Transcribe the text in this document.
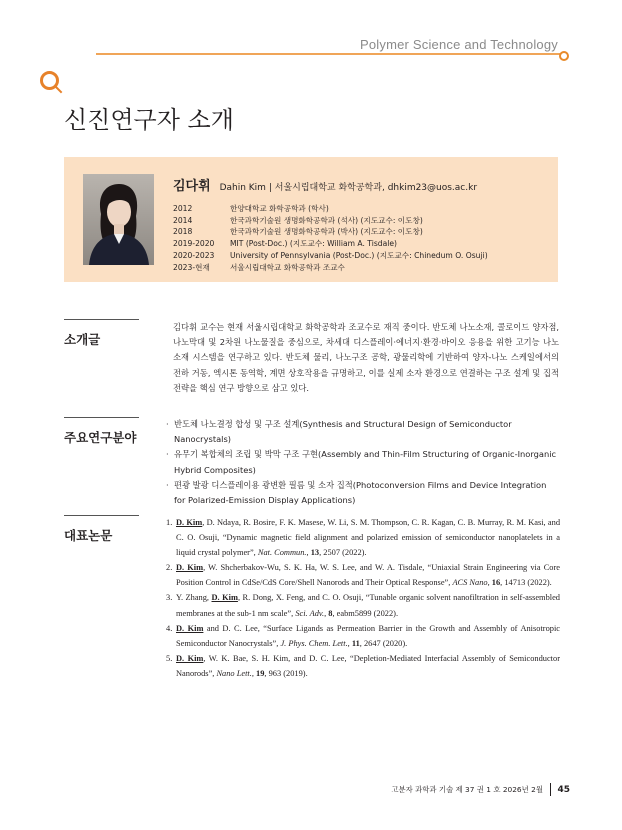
Polymer Science and Technology
신진연구자 소개
김다휘 Dahin Kim | 서울시립대학교 화학공학과, dhkim23@uos.ac.kr
2012	한양대학교 화학공학과 (학사)
2014	한국과학기술원 생명화학공학과 (석사) (지도교수: 이도창)
2018	한국과학기술원 생명화학공학과 (박사) (지도교수: 이도창)
2019-2020	MIT (Post-Doc.) (지도교수: William A. Tisdale)
2020-2023	University of Pennsylvania (Post-Doc.) (지도교수: Chinedum O. Osuji)
2023-현재	서울시립대학교 화학공학과 조교수
소개글
김다휘 교수는 현재 서울시립대학교 화학공학과 조교수로 재직 중이다. 반도체 나노소재, 콜로이드 양자점, 나노막대 및 2차원 나노물질을 중심으로, 차세대 디스플레이·에너지·환경·바이오 응용을 위한 고기능 나노소재 시스템을 연구하고 있다. 반도체 물리, 나노구조 공학, 광물리학에 기반하여 양자-나노 스케일에서의 전하 거동, 엑시톤 동역학, 계면 상호작용을 규명하고, 이를 실제 소자 환경으로 연결하는 구조 설계 및 집적 전략을 핵심 연구 방향으로 삼고 있다.
주요연구분야
· 반도체 나노결정 합성 및 구조 설계(Synthesis and Structural Design of Semiconductor Nanocrystals)
· 유무기 복합체의 조립 및 박막 구조 구현(Assembly and Thin-Film Structuring of Organic-Inorganic Hybrid Composites)
· 편광 발광 디스플레이용 광변환 필름 및 소자 집적(Photoconversion Films and Device Integration for Polarized-Emission Display Applications)
대표논문
1. D. Kim, D. Ndaya, R. Bosire, F. K. Masese, W. Li, S. M. Thompson, C. R. Kagan, C. B. Murray, R. M. Kasi, and C. O. Osuji, “Dynamic magnetic field alignment and polarized emission of semiconductor nanoplatelets in a liquid crystal polymer”, Nat. Commun., 13, 2507 (2022).
2. D. Kim, W. Shcherbakov-Wu, S. K. Ha, W. S. Lee, and W. A. Tisdale, “Uniaxial Strain Engineering via Core Position Control in CdSe/CdS Core/Shell Nanorods and Their Optical Response”, ACS Nano, 16, 14713 (2022).
3. Y. Zhang, D. Kim, R. Dong, X. Feng, and C. O. Osuji, “Tunable organic solvent nanofiltration in self-assembled membranes at the sub-1 nm scale”, Sci. Adv., 8, eabm5899 (2022).
4. D. Kim and D. C. Lee, “Surface Ligands as Permeation Barrier in the Growth and Assembly of Anisotropic Semiconductor Nanocrystals”, J. Phys. Chem. Lett., 11, 2647 (2020).
5. D. Kim, W. K. Bae, S. H. Kim, and D. C. Lee, “Depletion-Mediated Interfacial Assembly of Semiconductor Nanorods”, Nano Lett., 19, 963 (2019).
고분자 과학과 기술 제 37 권 1 호 2026년 2월 45
